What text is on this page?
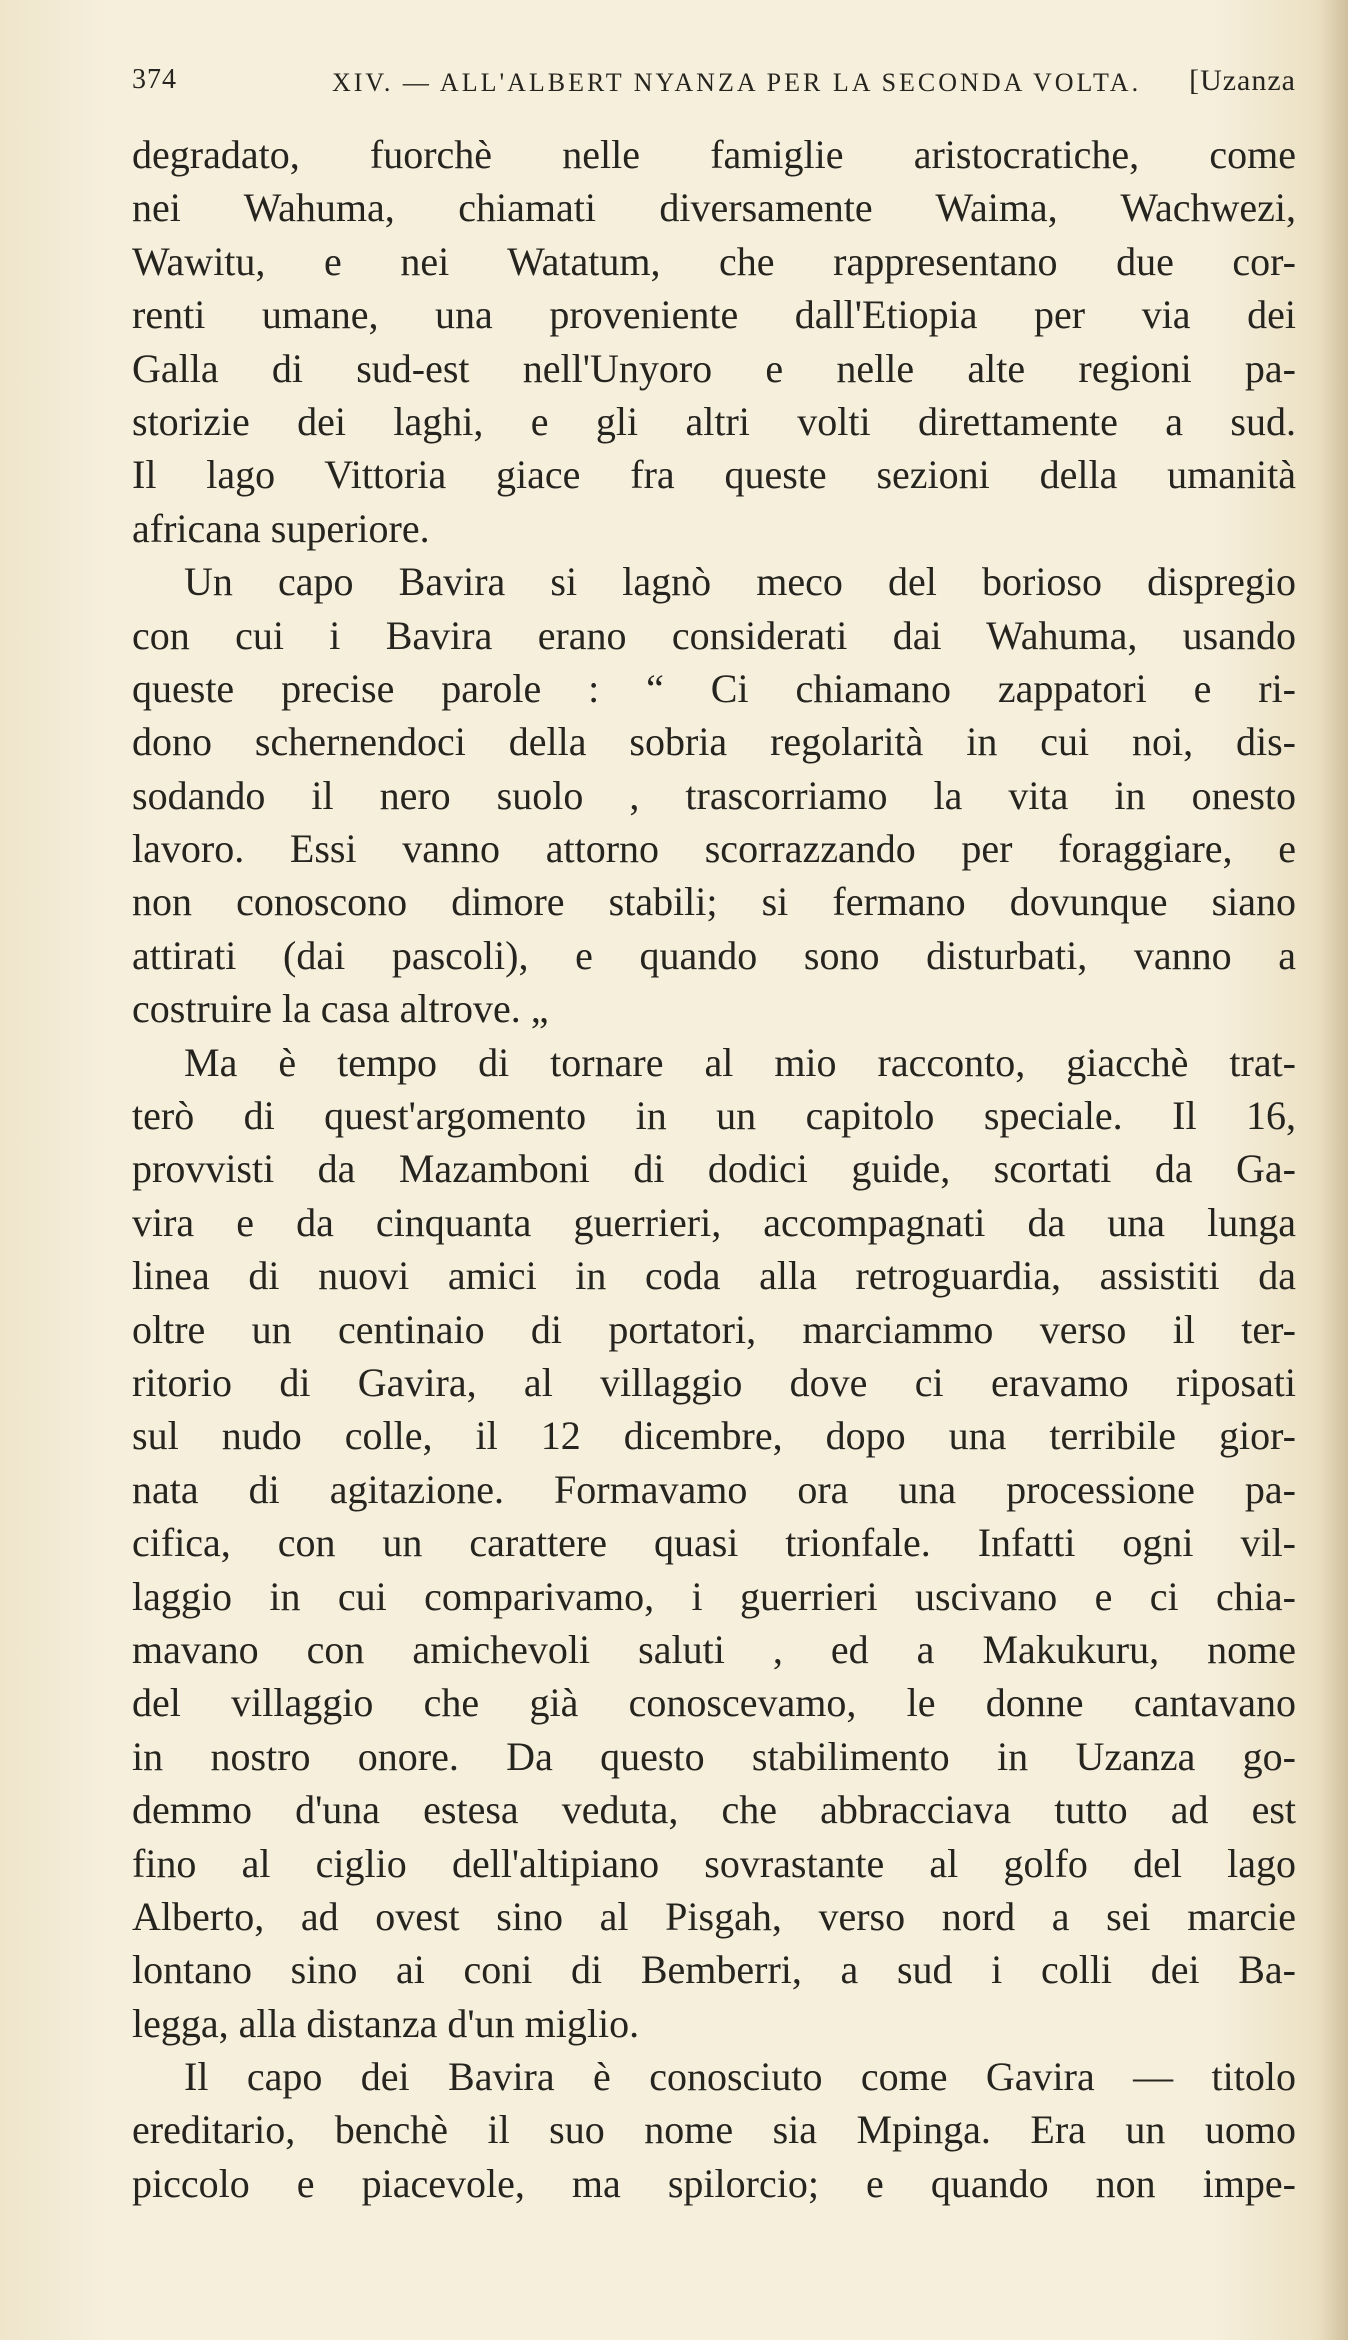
374	XIV. — ALL'ALBERT NYANZA PER LA SECONDA VOLTA. [Uzanza
degradato, fuorchè nelle famiglie aristocratiche, come
nei Wahuma, chiamati diversamente Waima, Wachwezi,
Wawitu, e nei Watatum, che rappresentano due cor-
renti umane, una proveniente dall'Etiopia per via dei
Galla di sud-est nell'Unyoro e nelle alte regioni pa-
storizie dei laghi, e gli altri volti direttamente a sud.
Il lago Vittoria giace fra queste sezioni della umanità
africana superiore.
Un capo Bavira si lagnò meco del borioso dispregio
con cui i Bavira erano considerati dai Wahuma, usando
queste precise parole : “ Ci chiamano zappatori e ri-
dono schernendoci della sobria regolarità in cui noi, dis-
sodando il nero suolo , trascorriamo la vita in onesto
lavoro. Essi vanno attorno scorrazzando per foraggiare, e
non conoscono dimore stabili; si fermano dovunque siano
attirati (dai pascoli), e quando sono disturbati, vanno a
costruire la casa altrove. „
Ma è tempo di tornare al mio racconto, giacchè trat-
terò di quest'argomento in un capitolo speciale. Il 16,
provvisti da Mazamboni di dodici guide, scortati da Ga-
vira e da cinquanta guerrieri, accompagnati da una lunga
linea di nuovi amici in coda alla retroguardia, assistiti da
oltre un centinaio di portatori, marciammo verso il ter-
ritorio di Gavira, al villaggio dove ci eravamo riposati
sul nudo colle, il 12 dicembre, dopo una terribile gior-
nata di agitazione. Formavamo ora una processione pa-
cifica, con un carattere quasi trionfale. Infatti ogni vil-
laggio in cui comparivamo, i guerrieri uscivano e ci chia-
mavano con amichevoli saluti , ed a Makukuru, nome
del villaggio che già conoscevamo, le donne cantavano
in nostro onore. Da questo stabilimento in Uzanza go-
demmo d'una estesa veduta, che abbracciava tutto ad est
fino al ciglio dell'altipiano sovrastante al golfo del lago
Alberto, ad ovest sino al Pisgah, verso nord a sei marcie
lontano sino ai coni di Bemberri, a sud i colli dei Ba-
legga, alla distanza d'un miglio.
Il capo dei Bavira è conosciuto come Gavira — titolo
ereditario, benchè il suo nome sia Mpinga. Era un uomo
piccolo e piacevole, ma spilorcio; e quando non impe-
